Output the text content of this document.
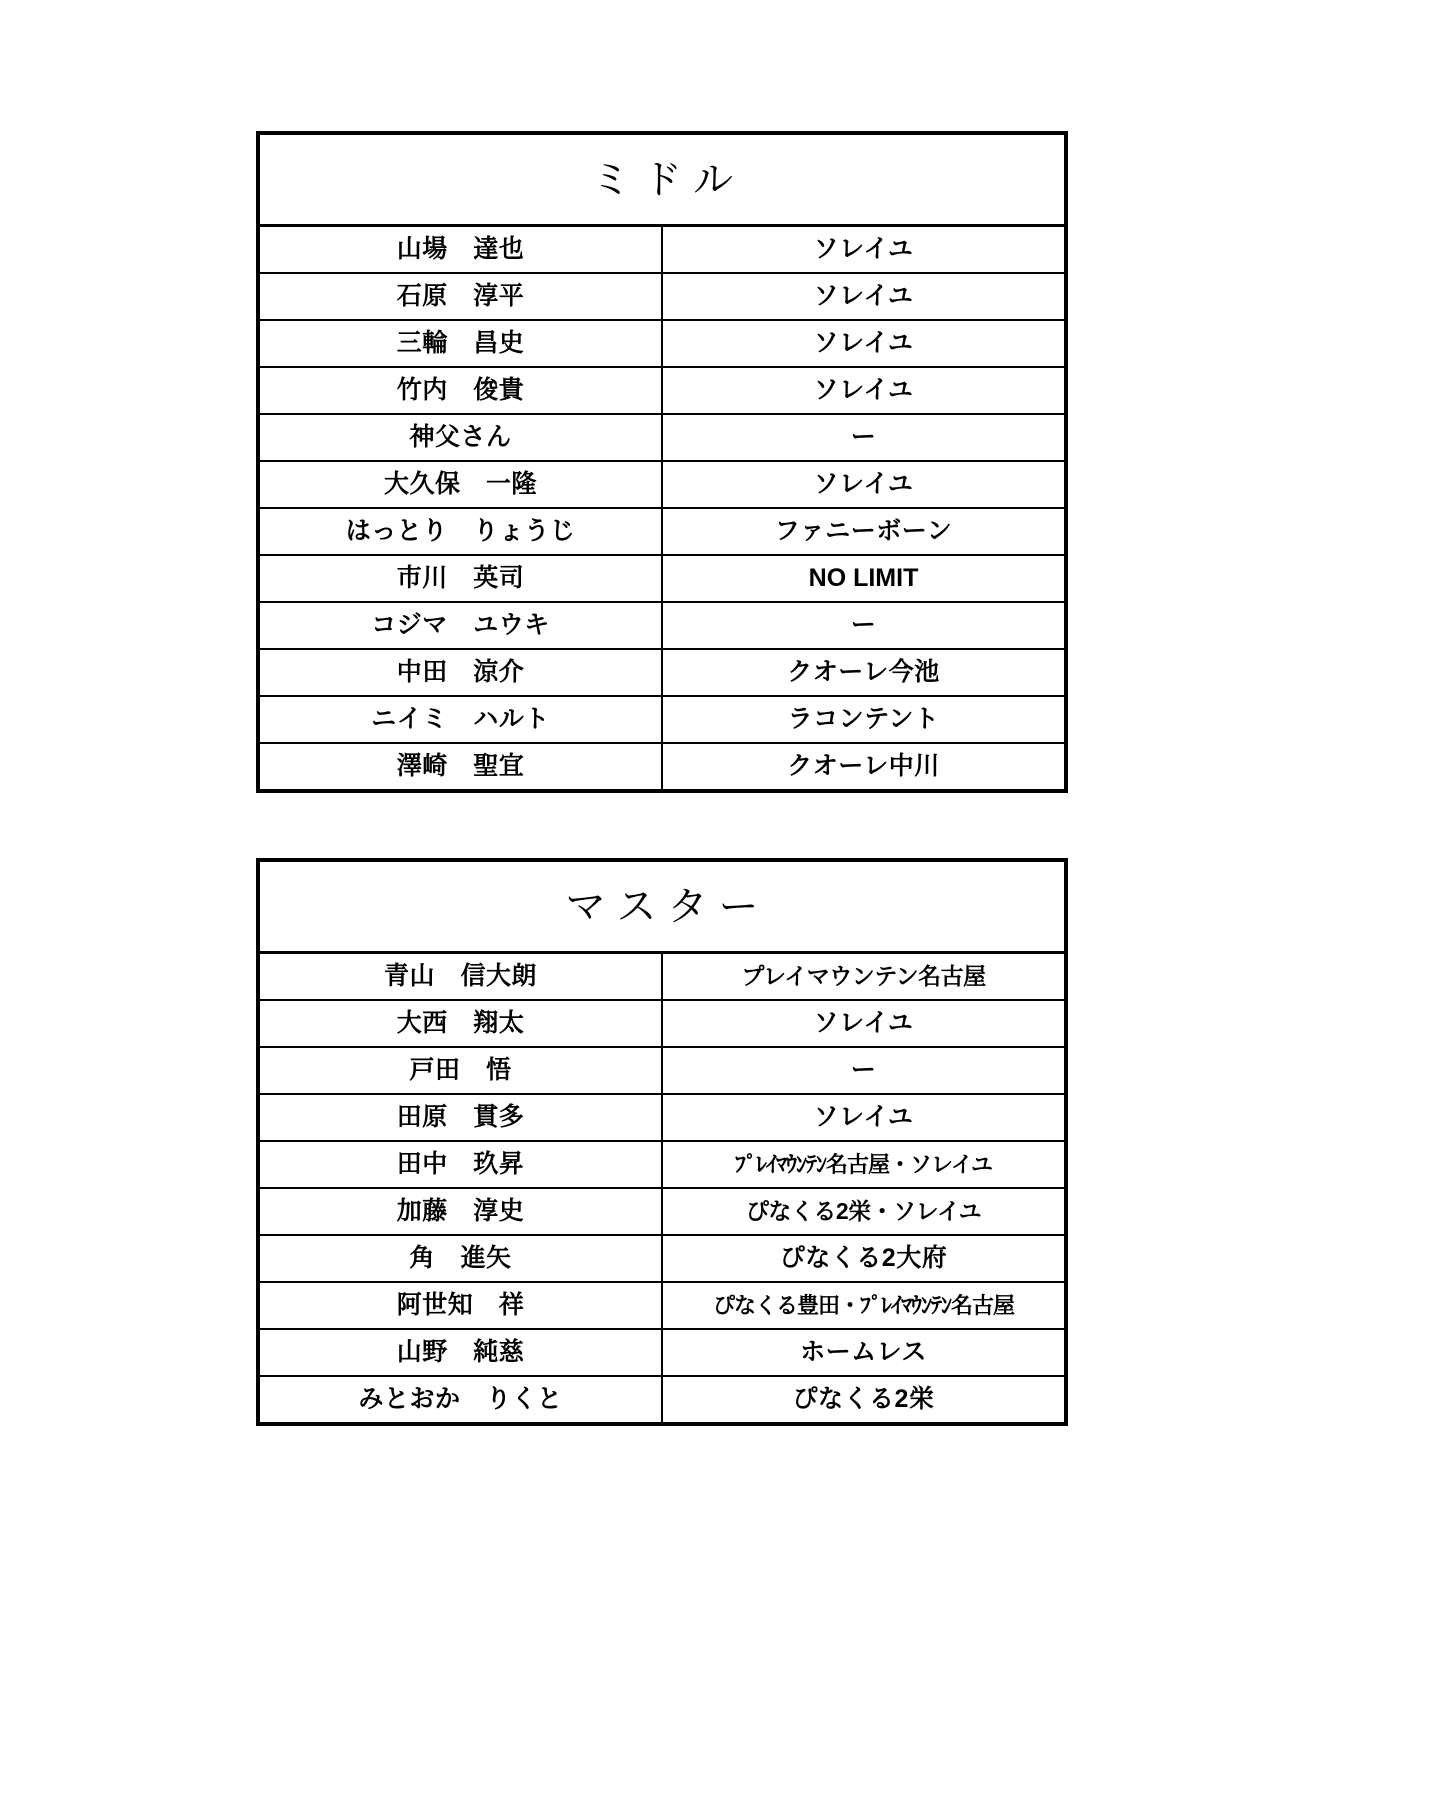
ミドル	
山場　達也	ソレイユ
石原　淳平	ソレイユ
三輪　昌史	ソレイユ
竹内　俊貴	ソレイユ
神父さん	ー
大久保　一隆	ソレイユ
はっとり　りょうじ	ファニーボーン
市川　英司	NO LIMIT
コジマ　ユウキ	ー
中田　涼介	クオーレ今池
ニイミ　ハルト	ラコンテント
澤崎　聖宜	クオーレ中川
マスター	
青山　信大朗	プレイマウンテン名古屋
大西　翔太	ソレイユ
戸田　悟	ー
田原　貫多	ソレイユ
田中　玖昇	ﾌﾟﾚｲﾏｳﾝﾃﾝ名古屋・ソレイユ
加藤　淳史	ぴなくる2栄・ソレイユ
角　進矢	ぴなくる2大府
阿世知　祥	ぴなくる豊田・ﾌﾟﾚｲﾏｳﾝﾃﾝ名古屋
山野　純慈	ホームレス
みとおか　りくと	ぴなくる2栄
